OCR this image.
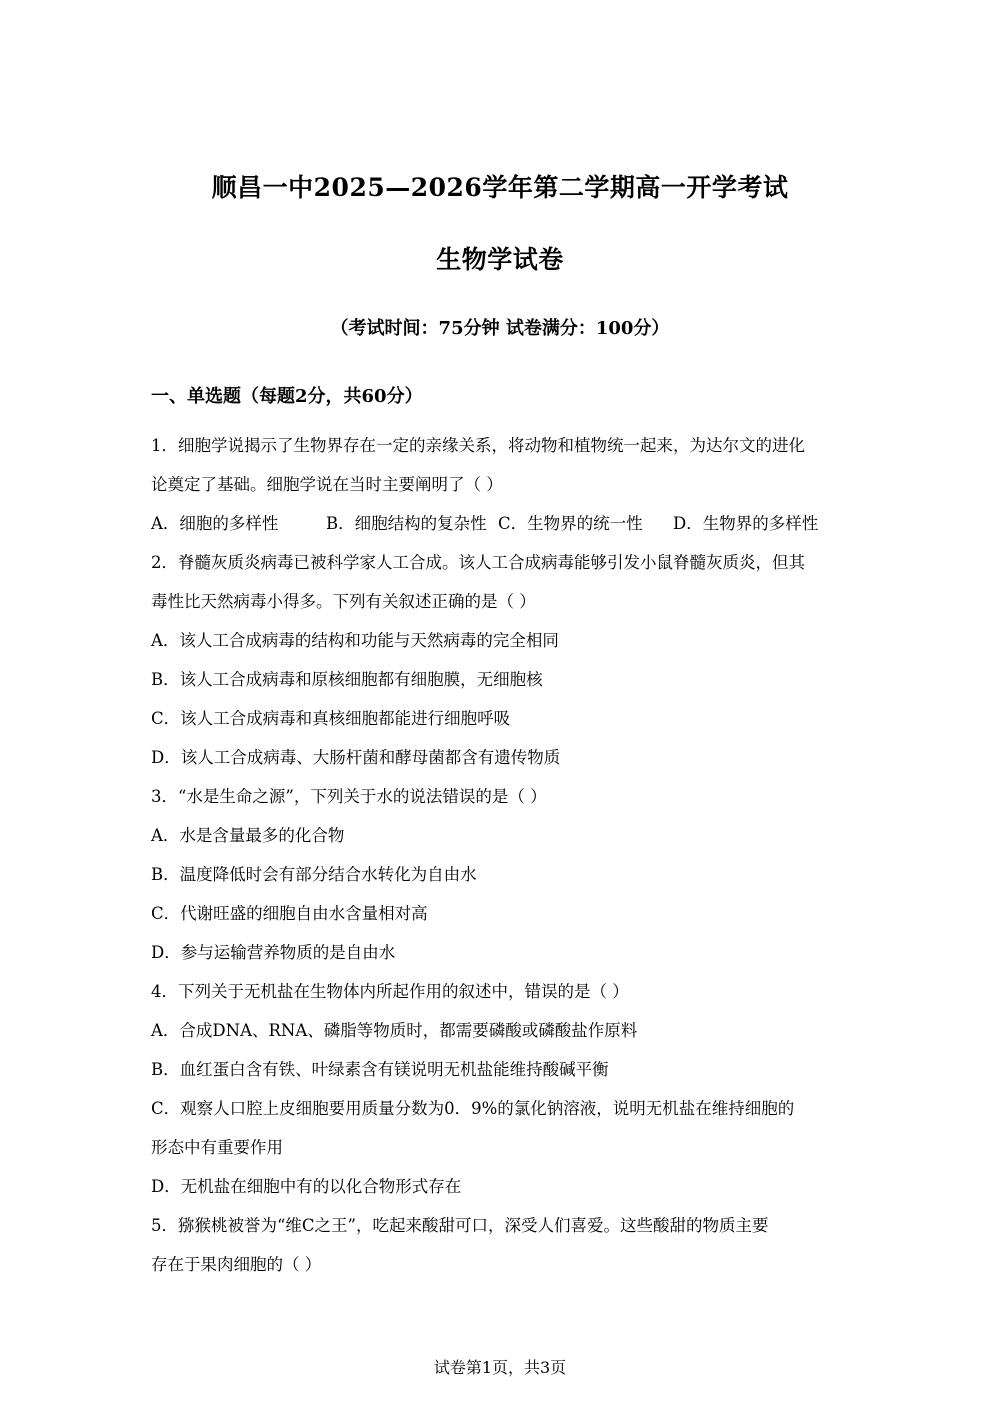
顺昌一中2025—2026学年第二学期高一开学考试
生物学试卷
（考试时间：75分钟 试卷满分：100分）
一、单选题（每题2分，共60分）
1．细胞学说揭示了生物界存在一定的亲缘关系，将动物和植物统一起来，为达尔文的进化
论奠定了基础。细胞学说在当时主要阐明了（ ）
A．细胞的多样性	B．细胞结构的复杂性 C．生物界的统一性	D．生物界的多样性
2．脊髓灰质炎病毒已被科学家人工合成。该人工合成病毒能够引发小鼠脊髓灰质炎，但其
毒性比天然病毒小得多。下列有关叙述正确的是（ ）
A．该人工合成病毒的结构和功能与天然病毒的完全相同
B．该人工合成病毒和原核细胞都有细胞膜，无细胞核
C．该人工合成病毒和真核细胞都能进行细胞呼吸
D．该人工合成病毒、大肠杆菌和酵母菌都含有遗传物质
3．“水是生命之源”，下列关于水的说法错误的是（ ）
A．水是含量最多的化合物
B．温度降低时会有部分结合水转化为自由水
C．代谢旺盛的细胞自由水含量相对高
D．参与运输营养物质的是自由水
4．下列关于无机盐在生物体内所起作用的叙述中，错误的是（ ）
A．合成DNA、RNA、磷脂等物质时，都需要磷酸或磷酸盐作原料
B．血红蛋白含有铁、叶绿素含有镁说明无机盐能维持酸碱平衡
C．观察人口腔上皮细胞要用质量分数为0．9%的氯化钠溶液，说明无机盐在维持细胞的
形态中有重要作用
D．无机盐在细胞中有的以化合物形式存在
5．猕猴桃被誉为“维C之王”，吃起来酸甜可口，深受人们喜爱。这些酸甜的物质主要
存在于果肉细胞的（ ）
试卷第1页，共3页
